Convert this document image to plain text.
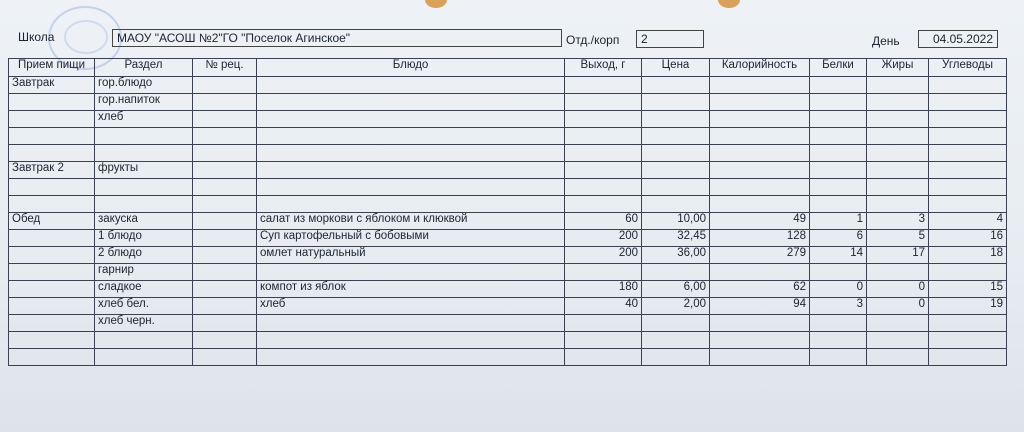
Школа	МАОУ "АСОШ №2"ГО "Поселок Агинское"	Отд./корп	2	День	04.05.2022
Прием пищи	Раздел	№ рец.	Блюдо	Выход, г	Цена	Калорийность	Белки	Жиры	Углеводы
Завтрак	гор.блюдо								
	гор.напиток								
	хлеб								

Завтрак 2	фрукты								

Обед	закуска		салат из моркови с яблоком и клюквой	60	10,00	49	1	3	4
	1 блюдо		Суп картофельный с бобовыми	200	32,45	128	6	5	16
	2 блюдо		омлет натуральный	200	36,00	279	14	17	18
	гарнир								
	сладкое		компот из яблок	180	6,00	62	0	0	15
	хлеб бел.		хлеб	40	2,00	94	3	0	19
	хлеб черн.								
